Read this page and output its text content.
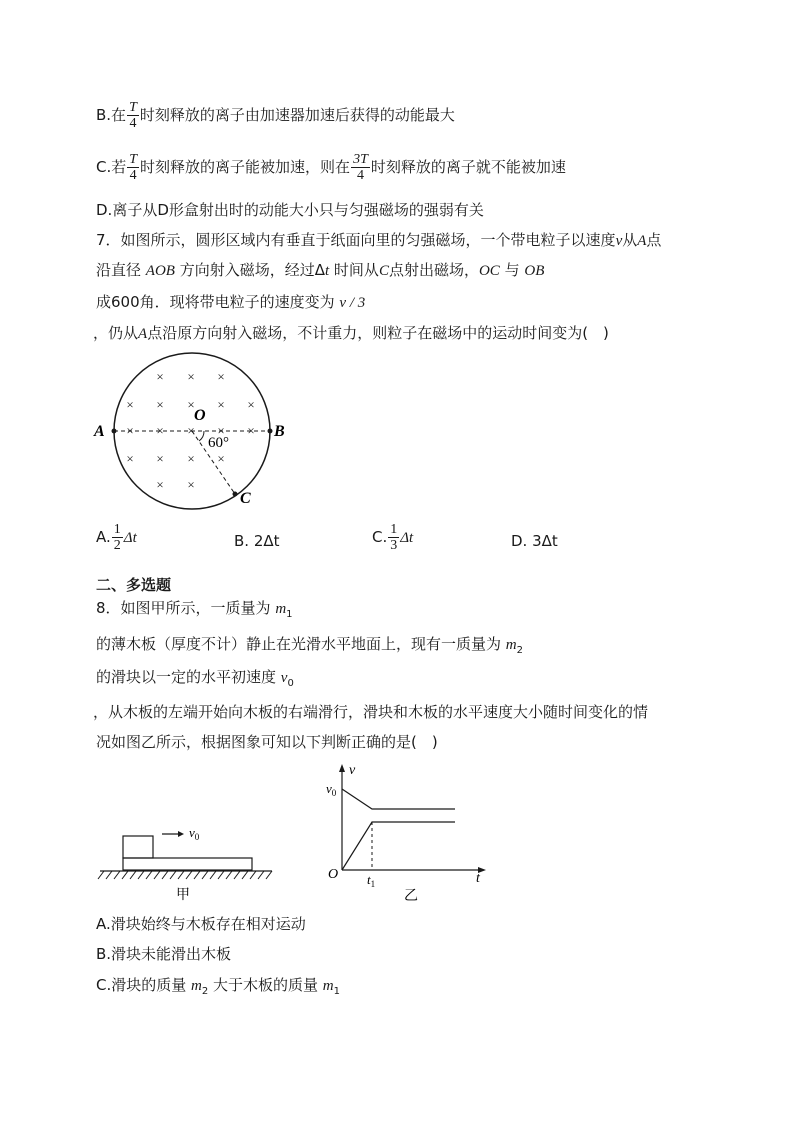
B.在 $\frac{T}{4}$ 时刻释放的离子由加速器加速后获得的动能最大
C.若 $\frac{T}{4}$ 时刻释放的离子能被加速，则在 $\frac{3T}{4}$ 时刻释放的离子就不能被加速
D.离子从D形盒射出时的动能大小只与匀强磁场的强弱有关
7．如图所示，圆形区域内有垂直于纸面向里的匀强磁场，一个带电粒子以速度v从A点
沿直径 AOB 方向射入磁场，经过Δt 时间从C点射出磁场，OC 与 OB
成600角．现将带电粒子的速度变为 v / 3
，仍从A点沿原方向射入磁场，不计重力，则粒子在磁场中的运动时间变为(　)
× × ×
× × × × ×
× × × × ×
× × × ×
× ×
A	B
O
C
60°
A. $\frac{1}{2}$ Δt	B. 2Δt	C. $\frac{1}{3}$ Δt	D. 3Δt
二、多选题
8．如图甲所示，一质量为 $m_1$
的薄木板（厚度不计）静止在光滑水平地面上，现有一质量为 $m_2$
的滑块以一定的水平初速度 $v_0$
，从木板的左端开始向木板的右端滑行，滑块和木板的水平速度大小随时间变化的情
况如图乙所示，根据图象可知以下判断正确的是(　)
$v_0$
甲
v
$v_0$
O $t_1$	t
乙
A.滑块始终与木板存在相对运动
B.滑块未能滑出木板
C.滑块的质量 $m_2$ 大于木板的质量 $m_1$
